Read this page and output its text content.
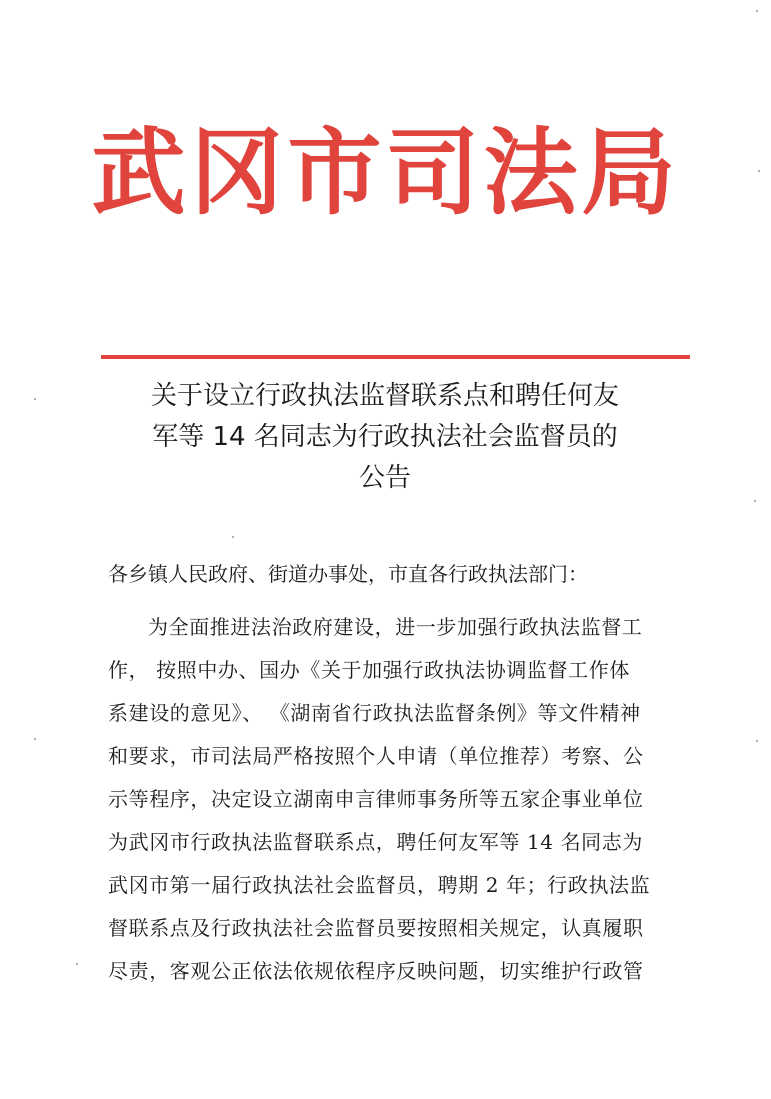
武冈市司法局
关于设立行政执法监督联系点和聘任何友
军等 14 名同志为行政执法社会监督员的
公告
各乡镇人民政府、街道办事处，市直各行政执法部门：
为全面推进法治政府建设，进一步加强行政执法监督工
作， 按照中办、国办《关于加强行政执法协调监督工作体
系建设的意见》、 《湖南省行政执法监督条例》等文件精神
和要求，市司法局严格按照个人申请（单位推荐）考察、公
示等程序，决定设立湖南申言律师事务所等五家企事业单位
为武冈市行政执法监督联系点，聘任何友军等 14 名同志为
武冈市第一届行政执法社会监督员，聘期 2 年；行政执法监
督联系点及行政执法社会监督员要按照相关规定，认真履职
尽责，客观公正依法依规依程序反映问题，切实维护行政管
